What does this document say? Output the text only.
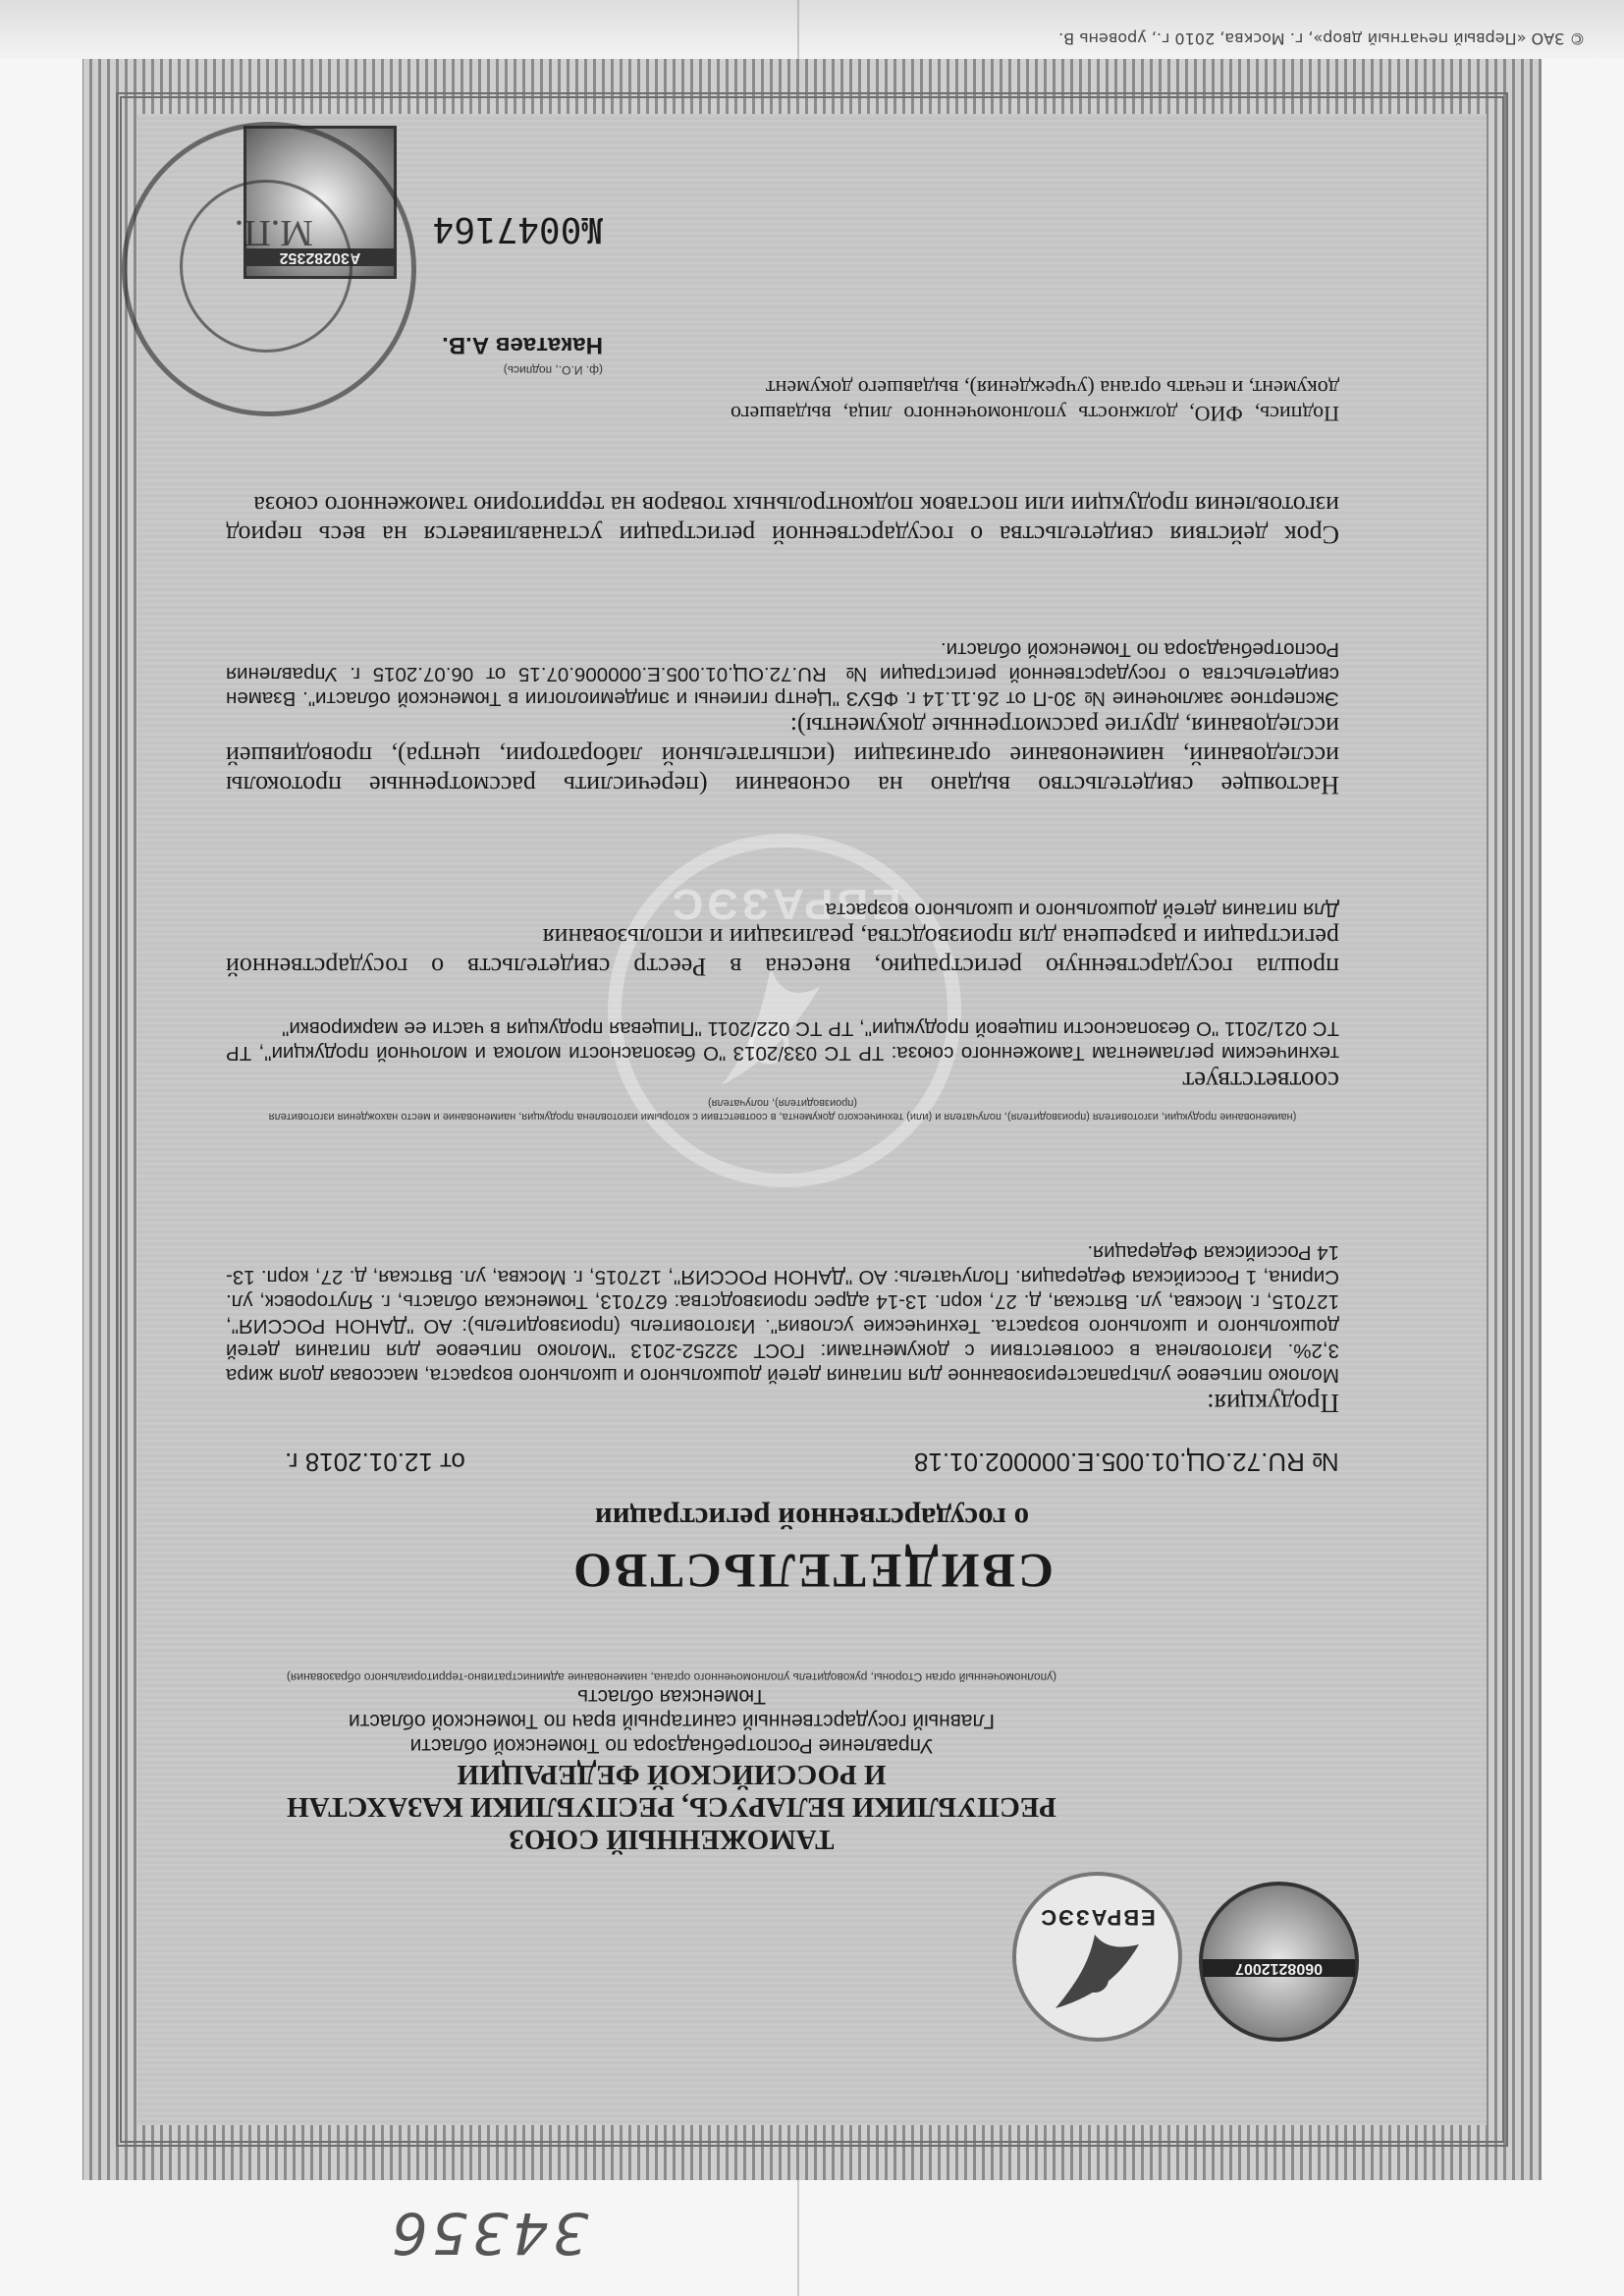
© ЗАО «Первый печатный двор», г. Москва, 2010 г., уровень В.
34356
ЕВРАЗЭС
0608212007
ЕВРАЗЭС
ТАМОЖЕННЫЙ СОЮЗ
РЕСПУБЛИКИ БЕЛАРУСЬ, РЕСПУБЛИКИ КАЗАХСТАН
И РОССИЙСКОЙ ФЕДЕРАЦИИ
Управление Роспотребнадзора по Тюменской области
Главный государственный санитарный врач по Тюменской области
Тюменская область
(уполномоченный орган Стороны, руководитель уполномоченного органа, наименование административно-территориального образования)
СВИДЕТЕЛЬСТВО
о государственной регистрации
№ RU.72.ОЦ.01.005.Е.000002.01.18
от 12.01.2018 г.
Продукция:
Молоко питьевое ультрапастеризованное для питания детей дошкольного и школьного возраста, массовая доля жира 3,2%. Изготовлена в соответствии с документами: ГОСТ 32252-2013 "Молоко питьевое для питания детей дошкольного и школьного возраста. Технические условия". Изготовитель (производитель): АО "ДАНОН РОССИЯ", 127015, г. Москва, ул. Вятская, д. 27, корп. 13-14 адрес производства: 627013, Тюменская область, г. Ялуторовск, ул. Сирина, 1 Российская Федерация. Получатель: АО "ДАНОН РОССИЯ", 127015, г. Москва, ул. Вятская, д. 27, корп. 13-14 Российская Федерация.
(наименование продукции, изготовителя (производителя), получателя и (или) технического документа, в соответствии с которыми изготовлена продукция, наименование и место нахождения изготовителя (производителя), получателя)
соответствует
техническим регламентам Таможенного союза: ТР ТС 033/2013 "О безопасности молока и молочной продукции", ТР ТС 021/2011 "О безопасности пищевой продукции", ТР ТС 022/2011 "Пищевая продукция в части ее маркировки"
прошла государственную регистрацию, внесена в Реестр свидетельств о государственной регистрации и разрешена для производства, реализации и использования
Для питания детей дошкольного и школьного возраста
Настоящее свидетельство выдано на основании (перечислить рассмотренные протоколы исследований, наименование организации (испытательной лаборатории, центра), проводившей исследования, другие рассмотренные документы):
Экспертное заключение № 30-П от 26.11.14 г. ФБУЗ "Центр гигиены и эпидемиологии в Тюменской области". Взамен свидетельства о государственной регистрации № RU.72.ОЦ.01.005.Е.000006.07.15 от 06.07.2015 г. Управления Роспотребнадзора по Тюменской области.
Срок действия свидетельства о государственной регистрации устанавливается на весь период изготовления продукции или поставок подконтрольных товаров на территорию таможенного союза
Подпись, ФИО, должность уполномоченного лица, выдавшего документ, и печать органа (учреждения), выдавшего документ
№0047164
(ф. И.О., подпись)
Накатаев А.В.
А30282352
М.П.
